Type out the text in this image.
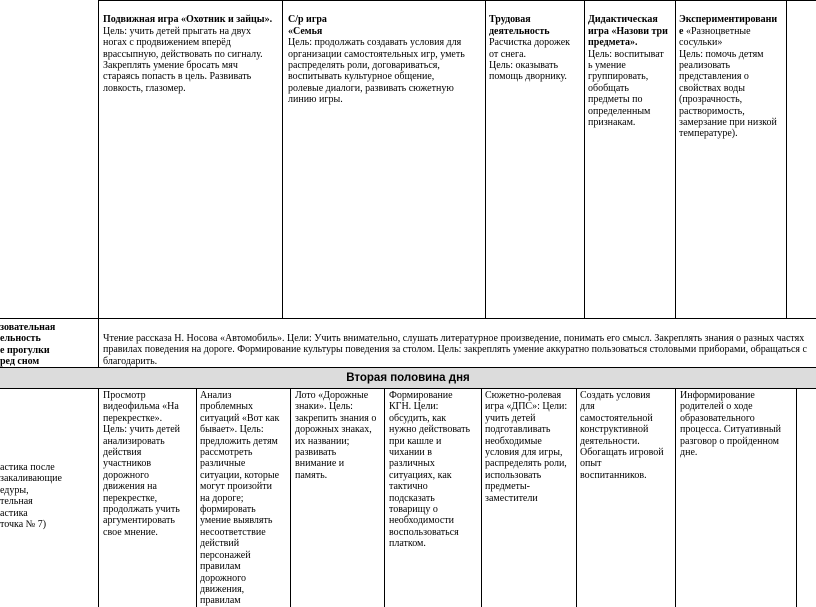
Подвижная игра «Охотник и зайцы».
Цель: учить детей прыгать на двух
ногах с продвижением вперёд
врассыпную, действовать по сигналу.
Закреплять умение бросать мяч
стараясь попасть в цель. Развивать
ловкость, глазомер.

С/р игра
«Семья
Цель: продолжать создавать условия для
организации самостоятельных игр, уметь
распределять роли, договариваться,
воспитывать культурное общение,
ролевые диалоги, развивать сюжетную
линию игры.

Трудовая
деятельность
Расчистка дорожек
от снега.
Цель: оказывать
помощь дворнику.

Дидактическая
игра «Назови три
предмета».
Цель: воспитыват
ь умение
группировать,
обобщать
предметы по
определенным
признакам.

Экспериментировани
е «Разноцветные
сосульки»
Цель: помочь детям
реализовать
представления о
свойствах воды
(прозрачность,
растворимость,
замерзание при низкой
температуре).

зовательная
ельность
е прогулки
ред сном
Чтение рассказа Н. Носова «Автомобиль». Цели: Учить внимательно, слушать литературное произведение, понимать его смысл. Закреплять знания о разных частях
правилах поведения на дороге. Формирование культуры поведения за столом. Цель: закреплять умение аккуратно пользоваться столовыми приборами, обращаться с
благодарить.
Вторая половина дня
астика после
закаливающие
едуры,
тельная
астика
точка № 7)
Просмотр
видеофильма «На
перекрестке».
Цель: учить детей
анализировать
действия
участников
дорожного
движения на
перекрестке,
продолжать учить
аргументировать
свое мнение.
Анализ
проблемных
ситуаций «Вот как
бывает». Цель:
предложить детям
рассмотреть
различные
ситуации, которые
могут произойти
на дороге;
формировать
умение выявлять
несоответствие
действий
персонажей
правилам
дорожного
движения,
правилам
Лото «Дорожные
знаки». Цель:
закрепить знания о
дорожных знаках,
их названии;
развивать
внимание и
память.
Формирование
КГН. Цели:
обсудить, как
нужно действовать
при кашле и
чихании в
различных
ситуациях, как
тактично
подсказать
товарищу о
необходимости
воспользоваться
платком.
Сюжетно-ролевая
игра «ДПС»: Цели:
учить детей
подготавливать
необходимые
условия для игры,
распределять роли,
использовать
предметы-
заместители
Создать условия
для
самостоятельной
конструктивной
деятельности.
Обогащать игровой
опыт
воспитанников.
Информирование
родителей о ходе
образовательного
процесса. Ситуативный
разговор о пройденном
дне.
